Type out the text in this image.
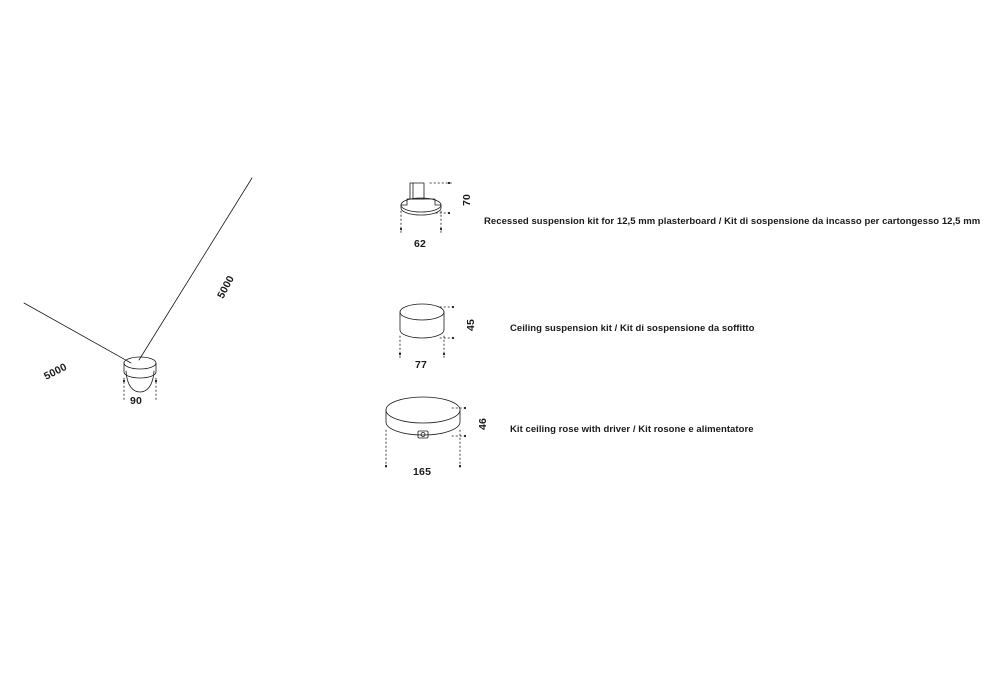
5000
5000
90
70
62
Recessed suspension kit for 12,5 mm plasterboard / Kit di sospensione da incasso per cartongesso 12,5 mm
45
77
Ceiling suspension kit / Kit di sospensione da soffitto
46
165
Kit ceiling rose with driver / Kit rosone e alimentatore
